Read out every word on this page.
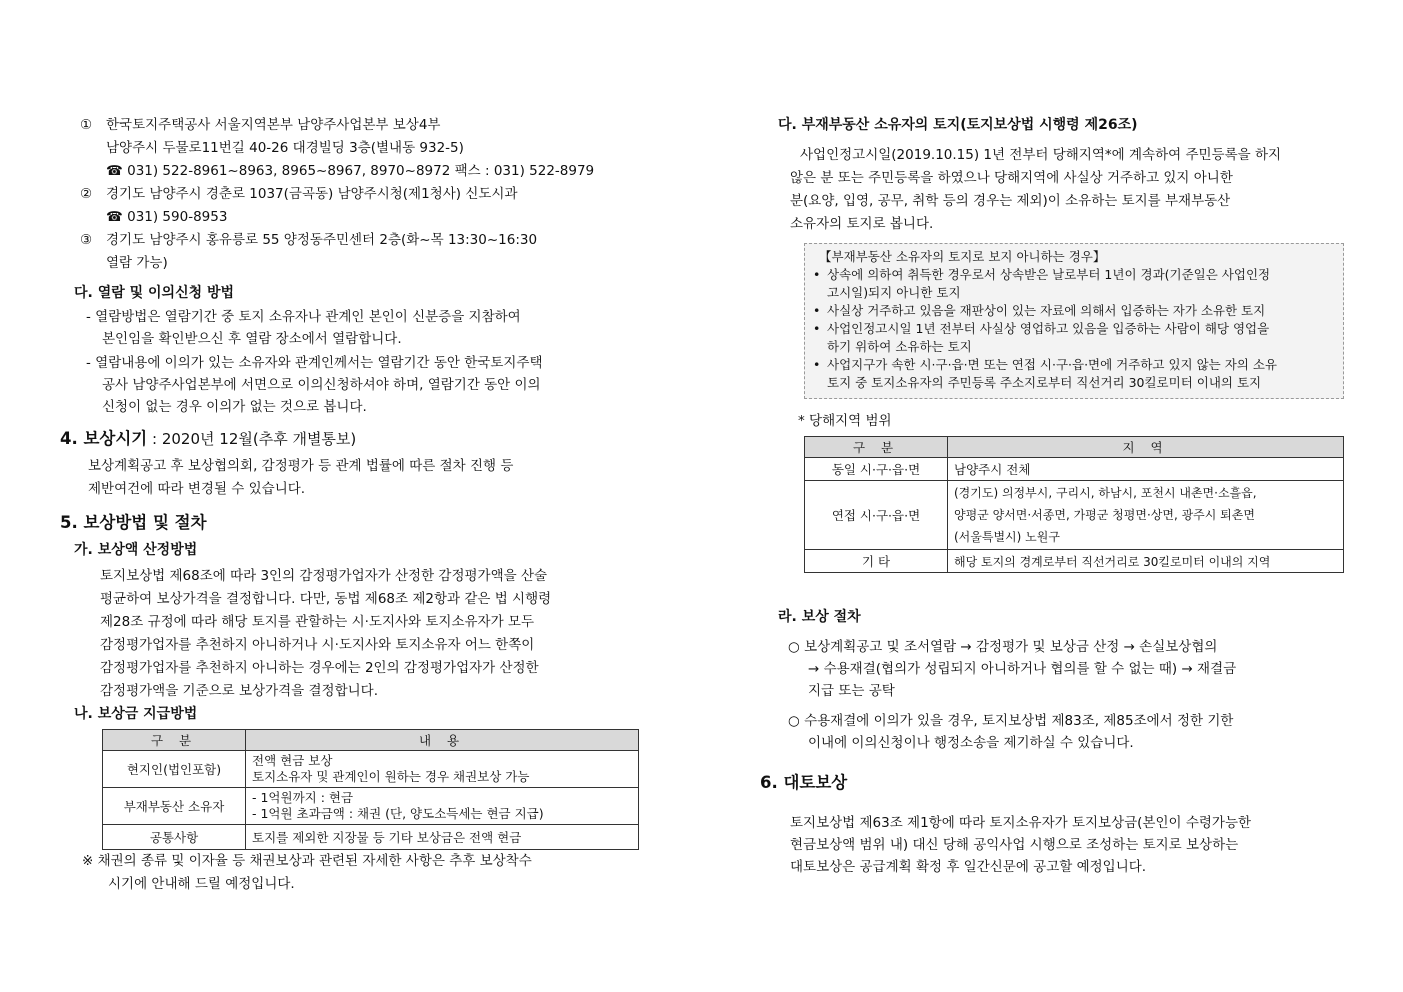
① 한국토지주택공사 서울지역본부 남양주사업본부 보상4부
남양주시 두물로11번길 40-26 대경빌딩 3층(별내동 932-5)
☎ 031) 522-8961~8963, 8965~8967, 8970~8972 팩스 : 031) 522-8979
② 경기도 남양주시 경춘로 1037(금곡동) 남양주시청(제1청사) 신도시과
☎ 031) 590-8953
③ 경기도 남양주시 홍유릉로 55 양정동주민센터 2층(화~목 13:30~16:30
열람 가능)
다. 열람 및 이의신청 방법
- 열람방법은 열람기간 중 토지 소유자나 관계인 본인이 신분증을 지참하여
본인임을 확인받으신 후 열람 장소에서 열람합니다.
- 열람내용에 이의가 있는 소유자와 관계인께서는 열람기간 동안 한국토지주택
공사 남양주사업본부에 서면으로 이의신청하셔야 하며, 열람기간 동안 이의
신청이 없는 경우 이의가 없는 것으로 봅니다.
4. 보상시기 : 2020년 12월(추후 개별통보)
보상계획공고 후 보상협의회, 감정평가 등 관계 법률에 따른 절차 진행 등
제반여건에 따라 변경될 수 있습니다.
5. 보상방법 및 절차
가. 보상액 산정방법
토지보상법 제68조에 따라 3인의 감정평가업자가 산정한 감정평가액을 산술
평균하여 보상가격을 결정합니다. 다만, 동법 제68조 제2항과 같은 법 시행령
제28조 규정에 따라 해당 토지를 관할하는 시·도지사와 토지소유자가 모두
감정평가업자를 추천하지 아니하거나 시·도지사와 토지소유자 어느 한쪽이
감정평가업자를 추천하지 아니하는 경우에는 2인의 감정평가업자가 산정한
감정평가액을 기준으로 보상가격을 결정합니다.
나. 보상금 지급방법
구 분	내 용
현지인(법인포함)	전액 현금 보상
토지소유자 및 관계인이 원하는 경우 채권보상 가능

부재부동산 소유자	- 1억원까지 : 현금
- 1억원 초과금액 : 채권 (단, 양도소득세는 현금 지급)

공통사항	토지를 제외한 지장물 등 기타 보상금은 전액 현금
※ 채권의 종류 및 이자율 등 채권보상과 관련된 자세한 사항은 추후 보상착수
시기에 안내해 드릴 예정입니다.
다. 부재부동산 소유자의 토지(토지보상법 시행령 제26조)
사업인정고시일(2019.10.15) 1년 전부터 당해지역*에 계속하여 주민등록을 하지
않은 분 또는 주민등록을 하였으나 당해지역에 사실상 거주하고 있지 아니한
분(요양, 입영, 공무, 취학 등의 경우는 제외)이 소유하는 토지를 부재부동산
소유자의 토지로 봅니다.
【부재부동산 소유자의 토지로 보지 아니하는 경우】
• 상속에 의하여 취득한 경우로서 상속받은 날로부터 1년이 경과(기준일은 사업인정
고시일)되지 아니한 토지
• 사실상 거주하고 있음을 재판상이 있는 자료에 의해서 입증하는 자가 소유한 토지
• 사업인정고시일 1년 전부터 사실상 영업하고 있음을 입증하는 사람이 해당 영업을
하기 위하여 소유하는 토지
• 사업지구가 속한 시·구·읍·면 또는 연접 시·구·읍·면에 거주하고 있지 않는 자의 소유
토지 중 토지소유자의 주민등록 주소지로부터 직선거리 30킬로미터 이내의 토지
* 당해지역 범위
구 분	지 역
동일 시·구·읍·면	남양주시 전체
연접 시·구·읍·면	(경기도) 의정부시, 구리시, 하남시, 포천시 내촌면·소흘읍,
양평군 양서면·서종면, 가평군 청평면·상면, 광주시 퇴촌면
(서울특별시) 노원구

기 타	해당 토지의 경계로부터 직선거리로 30킬로미터 이내의 지역
라. 보상 절차
○ 보상계획공고 및 조서열람 → 감정평가 및 보상금 산정 → 손실보상협의
→ 수용재결(협의가 성립되지 아니하거나 협의를 할 수 없는 때) → 재결금
지급 또는 공탁
○ 수용재결에 이의가 있을 경우, 토지보상법 제83조, 제85조에서 정한 기한
이내에 이의신청이나 행정소송을 제기하실 수 있습니다.
6. 대토보상
토지보상법 제63조 제1항에 따라 토지소유자가 토지보상금(본인이 수령가능한
현금보상액 범위 내) 대신 당해 공익사업 시행으로 조성하는 토지로 보상하는
대토보상은 공급계획 확정 후 일간신문에 공고할 예정입니다.
